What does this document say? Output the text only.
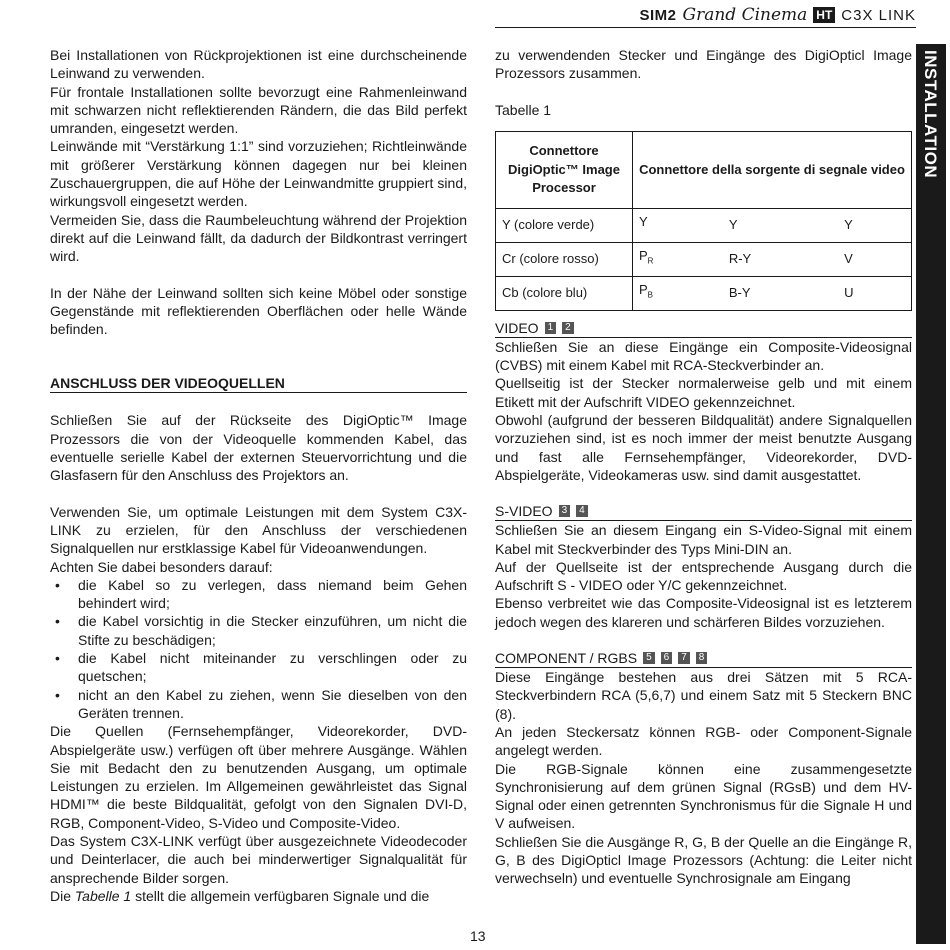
SIM2 Grand Cinema HT C3X LINK
INSTALLATION

Bei Installationen von Rückprojektionen ist eine durchscheinende Leinwand zu verwenden.

Für frontale Installationen sollte bevorzugt eine Rahmenleinwand mit schwarzen nicht reflektierenden Rändern, die das Bild perfekt umranden, eingesetzt werden.

Leinwände mit “Verstärkung 1:1” sind vorzuziehen; Richtleinwände mit größerer Verstärkung können dagegen nur bei kleinen Zuschauergruppen, die auf Höhe der Leinwandmitte gruppiert sind, wirkungsvoll eingesetzt werden.

Vermeiden Sie, dass die Raumbeleuchtung während der Projektion direkt auf die Leinwand fällt, da dadurch der Bildkontrast verringert wird.

In der Nähe der Leinwand sollten sich keine Möbel oder sonstige Gegenstände mit reflektierenden Oberflächen oder helle Wände befinden.

ANSCHLUSS DER VIDEOQUELLEN

Schließen Sie auf der Rückseite des DigiOptic™ Image Prozessors die von der Videoquelle kommenden Kabel, das eventuelle serielle Kabel der externen Steuervorrichtung und die Glasfasern für den Anschluss des Projektors an.

Verwenden Sie, um optimale Leistungen mit dem System C3X-LINK zu erzielen, für den Anschluss der verschiedenen Signalquellen nur erstklassige Kabel für Videoanwendungen.

Achten Sie dabei besonders darauf:

• die Kabel so zu verlegen, dass niemand beim Gehen behindert wird;
• die Kabel vorsichtig in die Stecker einzuführen, um nicht die Stifte zu beschädigen;
• die Kabel nicht miteinander zu verschlingen oder zu quetschen;
• nicht an den Kabel zu ziehen, wenn Sie dieselben von den Geräten trennen.

Die Quellen (Fernsehempfänger, Videorekorder, DVD-Abspielgeräte usw.) verfügen oft über mehrere Ausgänge. Wählen Sie mit Bedacht den zu benutzenden Ausgang, um optimale Leistungen zu erzielen. Im Allgemeinen gewährleistet das Signal HDMI™ die beste Bildqualität, gefolgt von den Signalen DVI-D, RGB, Component-Video, S-Video und Composite-Video.

Das System C3X-LINK verfügt über ausgezeichnete Videodecoder und Deinterlacer, die auch bei minderwertiger Signalqualität für ansprechende Bilder sorgen.

Die Tabelle 1 stellt die allgemein verfügbaren Signale und die

zu verwendenden Stecker und Eingänge des DigiOpticl Image Prozessors zusammen.

Tabelle 1

Connettore DigiOptic™ Image Processor	Connettore della sorgente di segnale video		
Y (colore verde)	Y	Y	Y
Cr (colore rosso)	$P_R$	R-Y	V
Cb (colore blu)	$P_B$	B-Y	U
VIDEO 1	2

Schließen Sie an diese Eingänge ein Composite-Videosignal (CVBS) mit einem Kabel mit RCA-Steckverbinder an.

Quellseitig ist der Stecker normalerweise gelb und mit einem Etikett mit der Aufschrift VIDEO gekennzeichnet.

Obwohl (aufgrund der besseren Bildqualität) andere Signalquellen vorzuziehen sind, ist es noch immer der meist benutzte Ausgang und fast alle Fernsehempfänger, Videorekorder, DVD-Abspielgeräte, Videokameras usw. sind damit ausgestattet.

S-VIDEO 3	4

Schließen Sie an diesem Eingang ein S-Video-Signal mit einem Kabel mit Steckverbinder des Typs Mini-DIN an.

Auf der Quellseite ist der entsprechende Ausgang durch die Aufschrift S - VIDEO oder Y/C gekennzeichnet.

Ebenso verbreitet wie das Composite-Videosignal ist es letzterem jedoch wegen des klareren und schärferen Bildes vorzuziehen.

COMPONENT / RGBS 5	6	7	8

Diese Eingänge bestehen aus drei Sätzen mit 5 RCA-Steckverbindern RCA (5,6,7) und einem Satz mit 5 Steckern BNC (8).

An jeden Steckersatz können RGB- oder Component-Signale angelegt werden.

Die RGB-Signale können eine zusammengesetzte Synchronisierung auf dem grünen Signal (RGsB) und dem HV-Signal oder einen getrennten Synchronismus für die Signale H und V aufweisen.

Schließen Sie die Ausgänge R, G, B der Quelle an die Eingänge R, G, B des DigiOpticl Image Prozessors (Achtung: die Leiter nicht verwechseln) und eventuelle Synchrosignale am Eingang

13
